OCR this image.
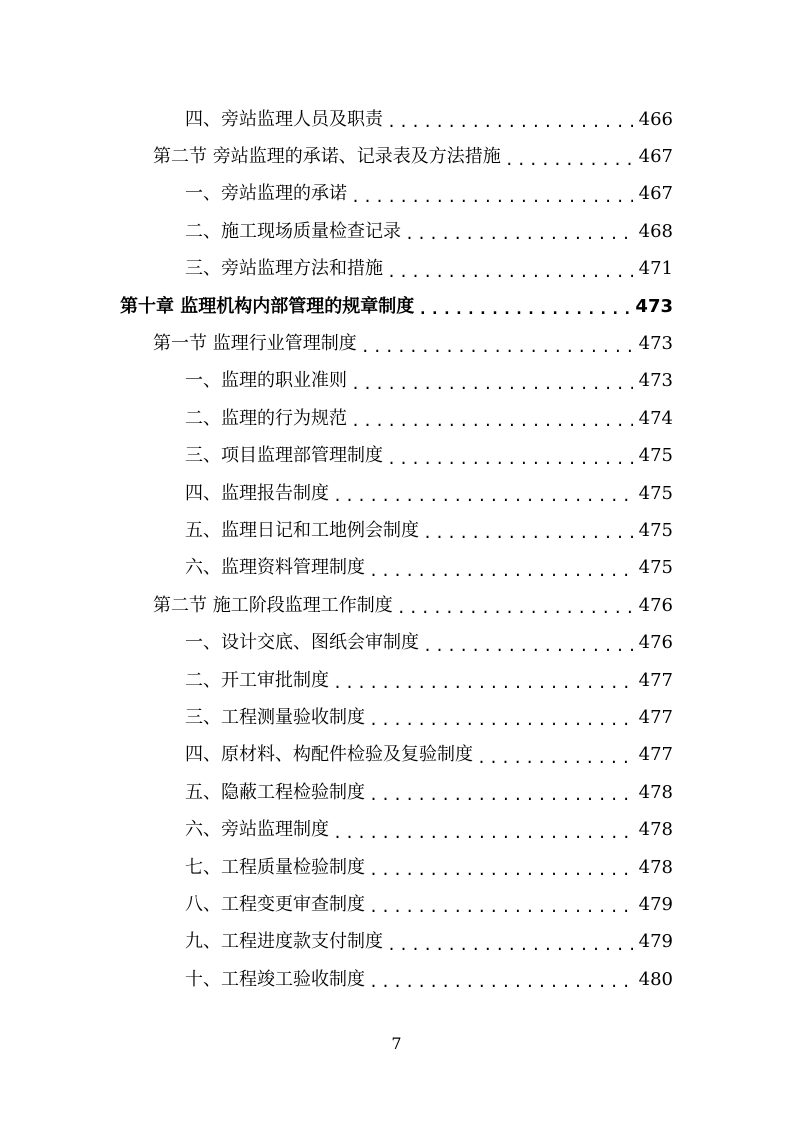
四、旁站监理人员及职责 .....	466
第二节 旁站监理的承诺、记录表及方法措施 .....	467
一、旁站监理的承诺 .....	467
二、施工现场质量检查记录 .....	468
三、旁站监理方法和措施 .....	471
第十章 监理机构内部管理的规章制度 .....	473
第一节 监理行业管理制度 .....	473
一、监理的职业准则 .....	473
二、监理的行为规范 .....	474
三、项目监理部管理制度 .....	475
四、监理报告制度 .....	475
五、监理日记和工地例会制度 .....	475
六、监理资料管理制度 .....	475
第二节 施工阶段监理工作制度 .....	476
一、设计交底、图纸会审制度 .....	476
二、开工审批制度 .....	477
三、工程测量验收制度 .....	477
四、原材料、构配件检验及复验制度 .....	477
五、隐蔽工程检验制度 .....	478
六、旁站监理制度 .....	478
七、工程质量检验制度 .....	478
八、工程变更审查制度 .....	479
九、工程进度款支付制度 .....	479
十、工程竣工验收制度 .....	480
7
